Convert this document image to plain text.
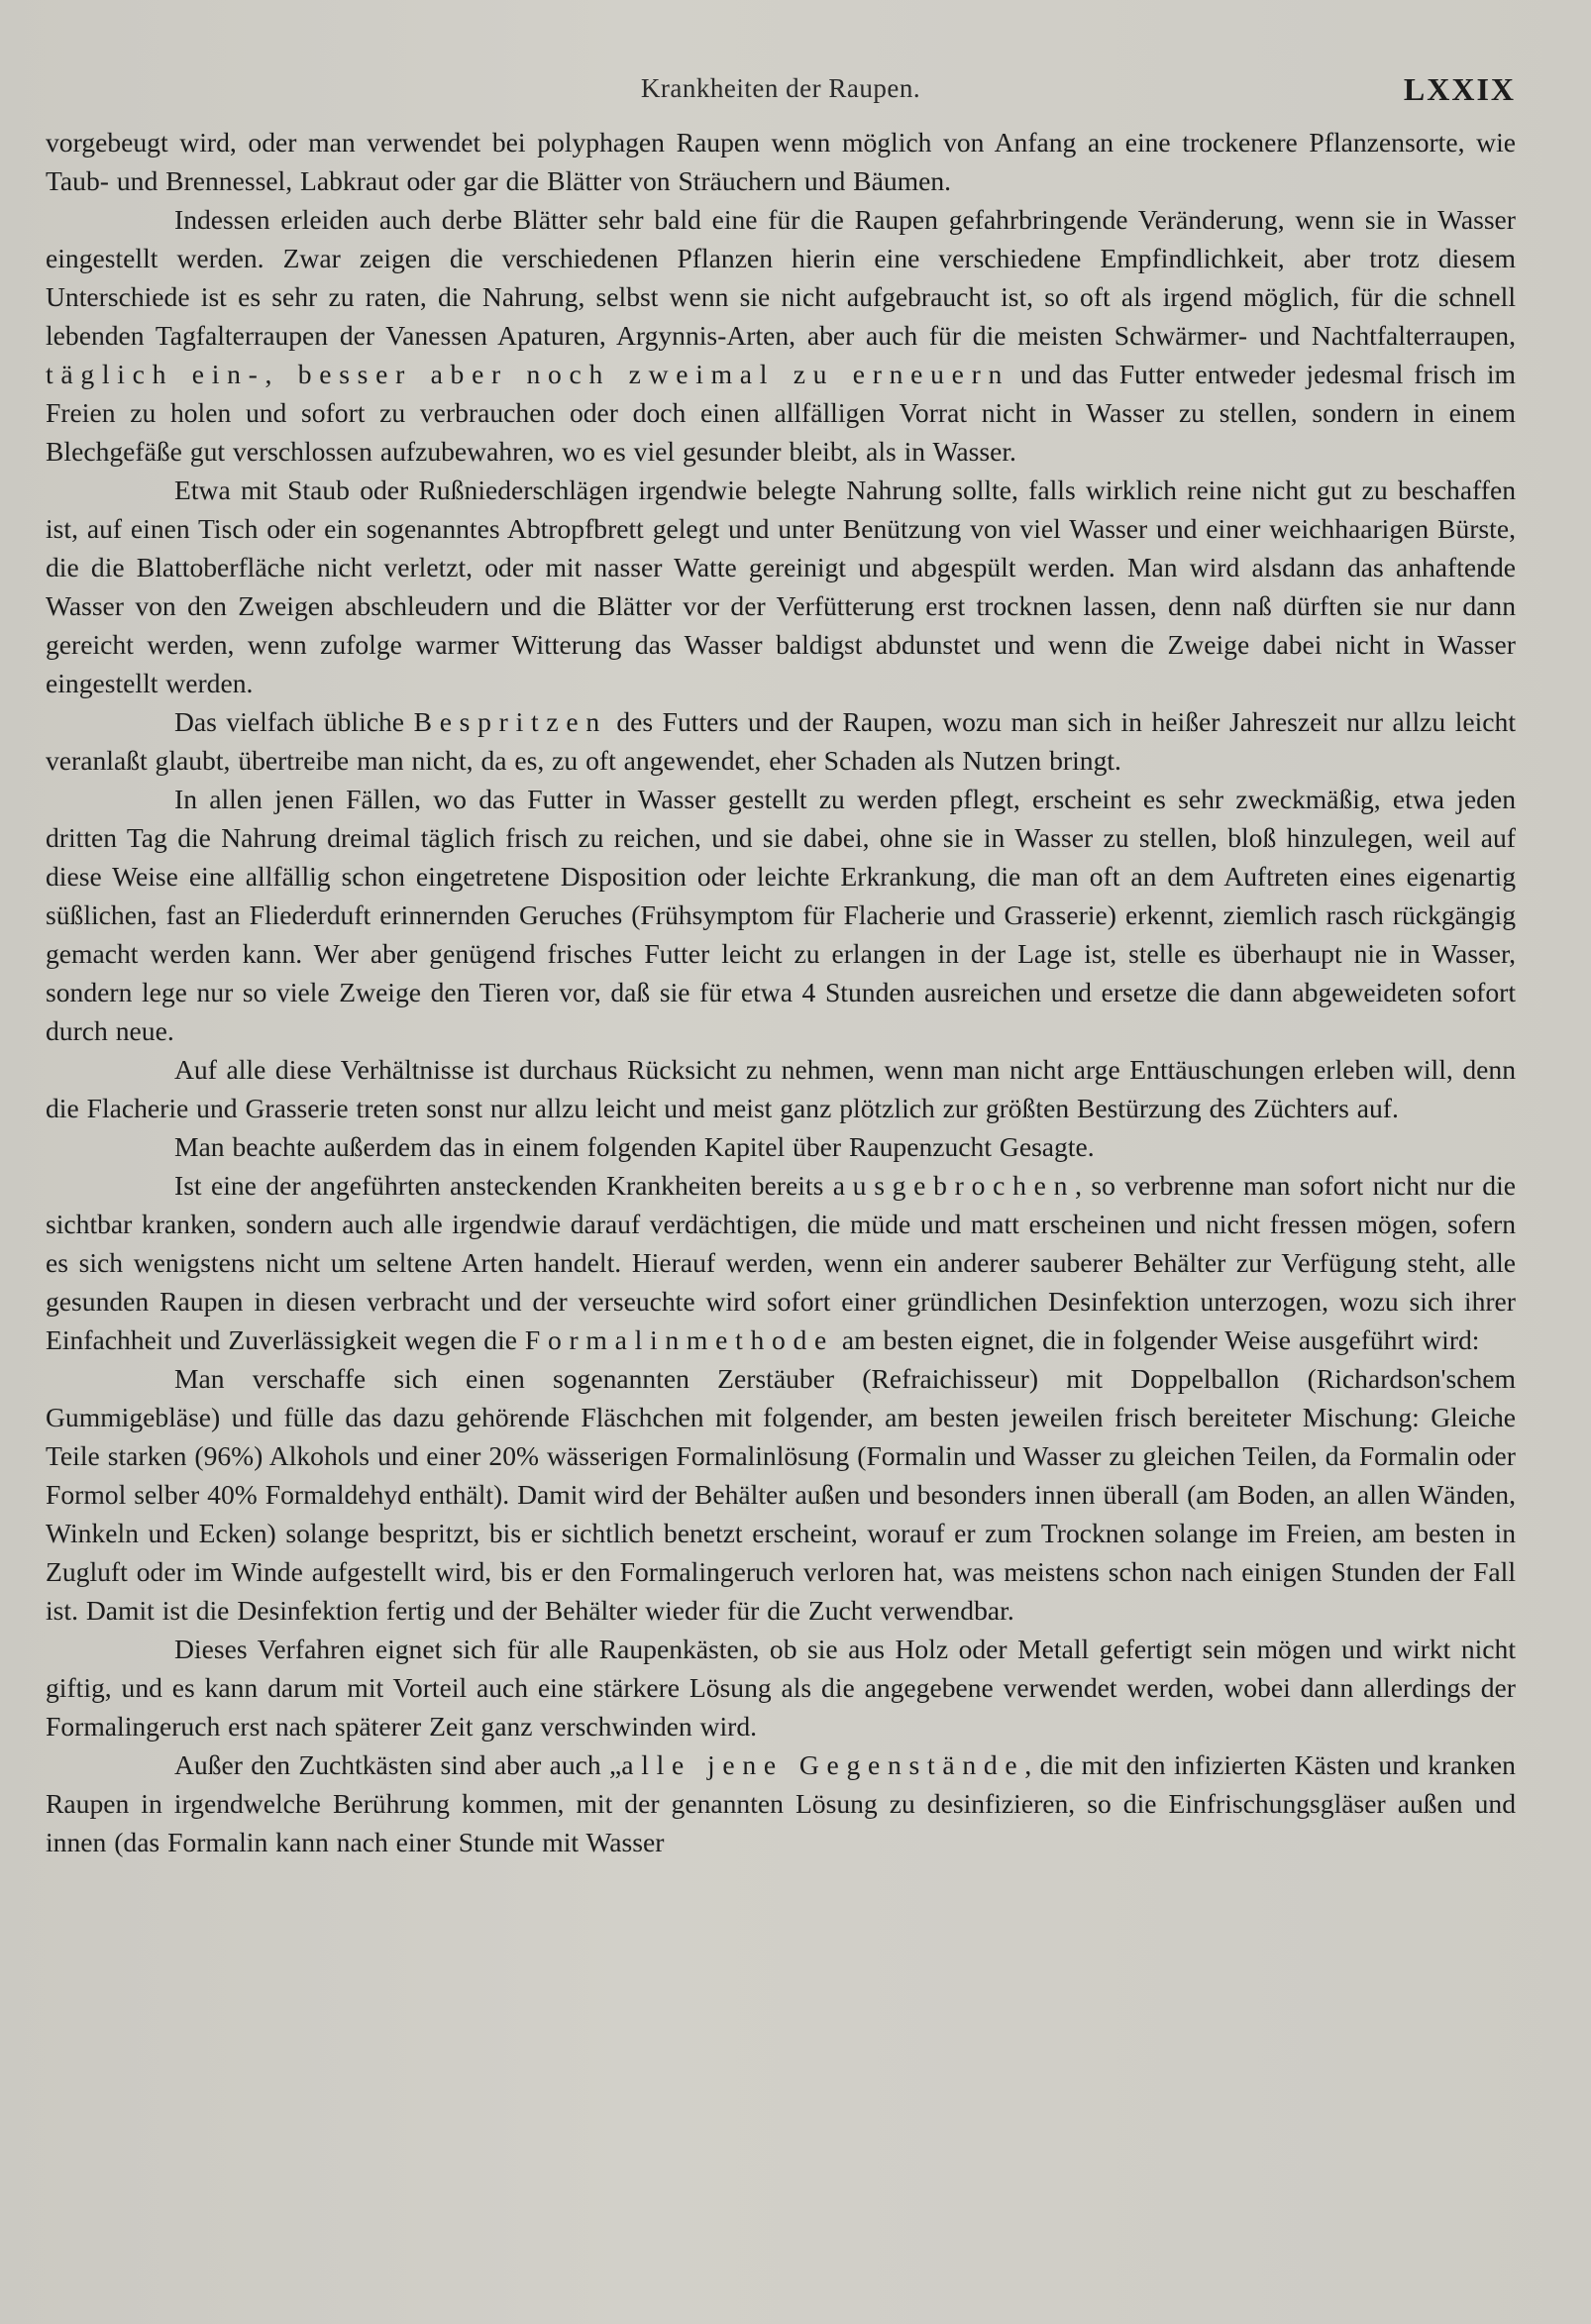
Krankheiten der Raupen.	LXXIX

vorgebeugt wird, oder man verwendet bei polyphagen Raupen wenn möglich von Anfang an eine trockenere Pflanzensorte, wie Taub- und Brennessel, Labkraut oder gar die Blätter von Sträuchern und Bäumen.

Indessen erleiden auch derbe Blätter sehr bald eine für die Raupen gefahrbringende Veränderung, wenn sie in Wasser eingestellt werden. Zwar zeigen die verschiedenen Pflanzen hierin eine verschiedene Empfindlichkeit, aber trotz diesem Unterschiede ist es sehr zu raten, die Nahrung, selbst wenn sie nicht aufgebraucht ist, so oft als irgend möglich, für die schnell lebenden Tagfalterraupen der Vanessen Apaturen, Argynnis-Arten, aber auch für die meisten Schwärmer- und Nachtfalterraupen, täglich ein-, besser aber noch zweimal zu erneuern und das Futter entweder jedesmal frisch im Freien zu holen und sofort zu verbrauchen oder doch einen allfälligen Vorrat nicht in Wasser zu stellen, sondern in einem Blechgefäße gut verschlossen aufzubewahren, wo es viel gesunder bleibt, als in Wasser.

Etwa mit Staub oder Rußniederschlägen irgendwie belegte Nahrung sollte, falls wirklich reine nicht gut zu beschaffen ist, auf einen Tisch oder ein sogenanntes Abtropfbrett gelegt und unter Benützung von viel Wasser und einer weichhaarigen Bürste, die die Blattoberfläche nicht verletzt, oder mit nasser Watte gereinigt und abgespült werden. Man wird alsdann das anhaftende Wasser von den Zweigen abschleudern und die Blätter vor der Verfütterung erst trocknen lassen, denn naß dürften sie nur dann gereicht werden, wenn zufolge warmer Witterung das Wasser baldigst abdunstet und wenn die Zweige dabei nicht in Wasser eingestellt werden.

Das vielfach übliche Bespritzen des Futters und der Raupen, wozu man sich in heißer Jahreszeit nur allzu leicht veranlaßt glaubt, übertreibe man nicht, da es, zu oft angewendet, eher Schaden als Nutzen bringt.

In allen jenen Fällen, wo das Futter in Wasser gestellt zu werden pflegt, erscheint es sehr zweckmäßig, etwa jeden dritten Tag die Nahrung dreimal täglich frisch zu reichen, und sie dabei, ohne sie in Wasser zu stellen, bloß hinzulegen, weil auf diese Weise eine allfällig schon eingetretene Disposition oder leichte Erkrankung, die man oft an dem Auftreten eines eigenartig süßlichen, fast an Fliederduft erinnernden Geruches (Frühsymptom für Flacherie und Grasserie) erkennt, ziemlich rasch rückgängig gemacht werden kann. Wer aber genügend frisches Futter leicht zu erlangen in der Lage ist, stelle es überhaupt nie in Wasser, sondern lege nur so viele Zweige den Tieren vor, daß sie für etwa 4 Stunden ausreichen und ersetze die dann abgeweideten sofort durch neue.

Auf alle diese Verhältnisse ist durchaus Rücksicht zu nehmen, wenn man nicht arge Enttäuschungen erleben will, denn die Flacherie und Grasserie treten sonst nur allzu leicht und meist ganz plötzlich zur größten Bestürzung des Züchters auf.

Man beachte außerdem das in einem folgenden Kapitel über Raupenzucht Gesagte.

Ist eine der angeführten ansteckenden Krankheiten bereits ausgebrochen, so verbrenne man sofort nicht nur die sichtbar kranken, sondern auch alle irgendwie darauf verdächtigen, die müde und matt erscheinen und nicht fressen mögen, sofern es sich wenigstens nicht um seltene Arten handelt. Hierauf werden, wenn ein anderer sauberer Behälter zur Verfügung steht, alle gesunden Raupen in diesen verbracht und der verseuchte wird sofort einer gründlichen Desinfektion unterzogen, wozu sich ihrer Einfachheit und Zuverlässigkeit wegen die Formalinmethode am besten eignet, die in folgender Weise ausgeführt wird:

Man verschaffe sich einen sogenannten Zerstäuber (Refraichisseur) mit Doppelballon (Richardson'schem Gummigebläse) und fülle das dazu gehörende Fläschchen mit folgender, am besten jeweilen frisch bereiteter Mischung: Gleiche Teile starken (96%) Alkohols und einer 20% wässerigen Formalinlösung (Formalin und Wasser zu gleichen Teilen, da Formalin oder Formol selber 40% Formaldehyd enthält). Damit wird der Behälter außen und besonders innen überall (am Boden, an allen Wänden, Winkeln und Ecken) solange bespritzt, bis er sichtlich benetzt erscheint, worauf er zum Trocknen solange im Freien, am besten in Zugluft oder im Winde aufgestellt wird, bis er den Formalingeruch verloren hat, was meistens schon nach einigen Stunden der Fall ist. Damit ist die Desinfektion fertig und der Behälter wieder für die Zucht verwendbar.

Dieses Verfahren eignet sich für alle Raupenkästen, ob sie aus Holz oder Metall gefertigt sein mögen und wirkt nicht giftig, und es kann darum mit Vorteil auch eine stärkere Lösung als die angegebene verwendet werden, wobei dann allerdings der Formalingeruch erst nach späterer Zeit ganz verschwinden wird.

Außer den Zuchtkästen sind aber auch „alle jene Gegenstände, die mit den infizierten Kästen und kranken Raupen in irgendwelche Berührung kommen, mit der genannten Lösung zu desinfizieren, so die Einfrischungsgläser außen und innen (das Formalin kann nach einer Stunde mit Wasser
